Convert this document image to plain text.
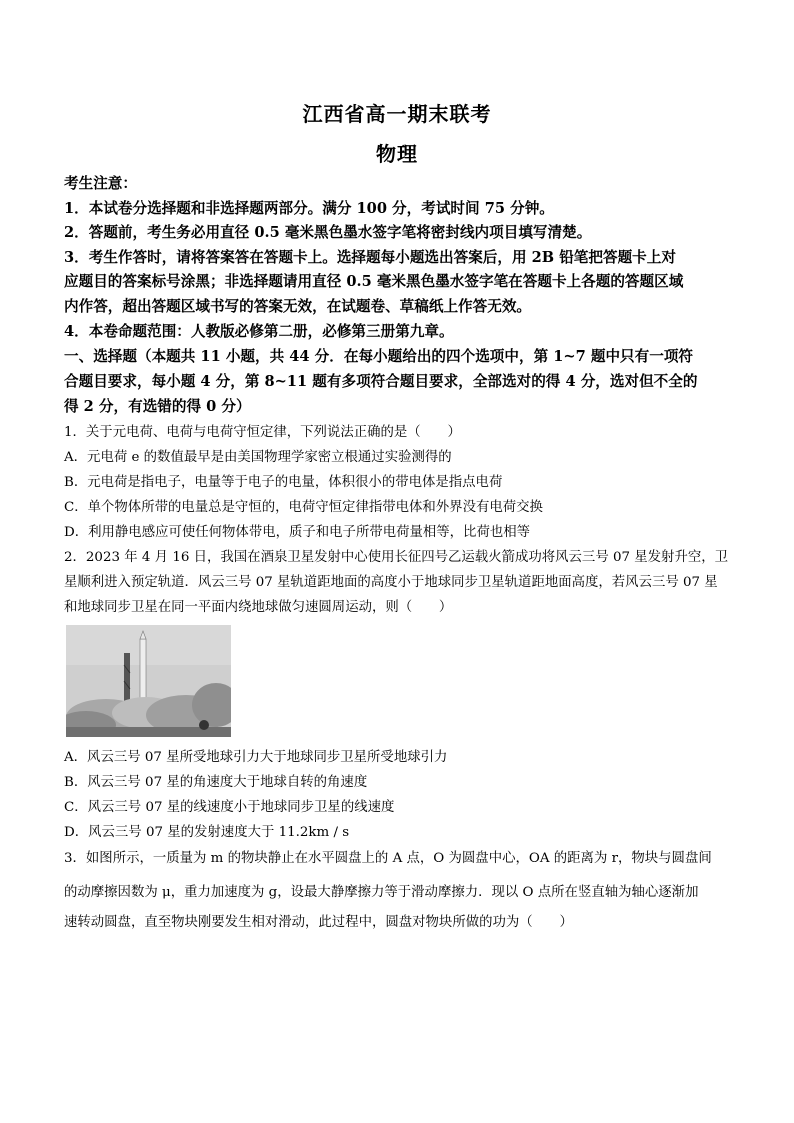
江西省高一期末联考
物理
考生注意：
1．本试卷分选择题和非选择题两部分。满分 100 分，考试时间 75 分钟。
2．答题前，考生务必用直径 0.5 毫米黑色墨水签字笔将密封线内项目填写清楚。
3．考生作答时，请将答案答在答题卡上。选择题每小题选出答案后，用 2B 铅笔把答题卡上对
应题目的答案标号涂黑；非选择题请用直径 0.5 毫米黑色墨水签字笔在答题卡上各题的答题区域
内作答，超出答题区域书写的答案无效，在试题卷、草稿纸上作答无效。
4．本卷命题范围：人教版必修第二册，必修第三册第九章。
一、选择题（本题共 11 小题，共 44 分．在每小题给出的四个选项中，第 1~7 题中只有一项符
合题目要求，每小题 4 分，第 8~11 题有多项符合题目要求，全部选对的得 4 分，选对但不全的
得 2 分，有选错的得 0 分）
1．关于元电荷、电荷与电荷守恒定律，下列说法正确的是（　　）
A．元电荷 e 的数值最早是由美国物理学家密立根通过实验测得的
B．元电荷是指电子，电量等于电子的电量，体积很小的带电体是指点电荷
C．单个物体所带的电量总是守恒的，电荷守恒定律指带电体和外界没有电荷交换
D．利用静电感应可使任何物体带电，质子和电子所带电荷量相等，比荷也相等
2．2023 年 4 月 16 日，我国在酒泉卫星发射中心使用长征四号乙运载火箭成功将风云三号 07 星发射升空，卫
星顺利进入预定轨道．风云三号 07 星轨道距地面的高度小于地球同步卫星轨道距地面高度，若风云三号 07 星
和地球同步卫星在同一平面内绕地球做匀速圆周运动，则（　　）
A．风云三号 07 星所受地球引力大于地球同步卫星所受地球引力
B．风云三号 07 星的角速度大于地球自转的角速度
C．风云三号 07 星的线速度小于地球同步卫星的线速度
D．风云三号 07 星的发射速度大于 11.2km / s
3．如图所示，一质量为 m 的物块静止在水平圆盘上的 A 点，O 为圆盘中心，OA 的距离为 r，物块与圆盘间
的动摩擦因数为 μ，重力加速度为 g，设最大静摩擦力等于滑动摩擦力．现以 O 点所在竖直轴为轴心逐渐加
速转动圆盘，直至物块刚要发生相对滑动，此过程中，圆盘对物块所做的功为（　　）
